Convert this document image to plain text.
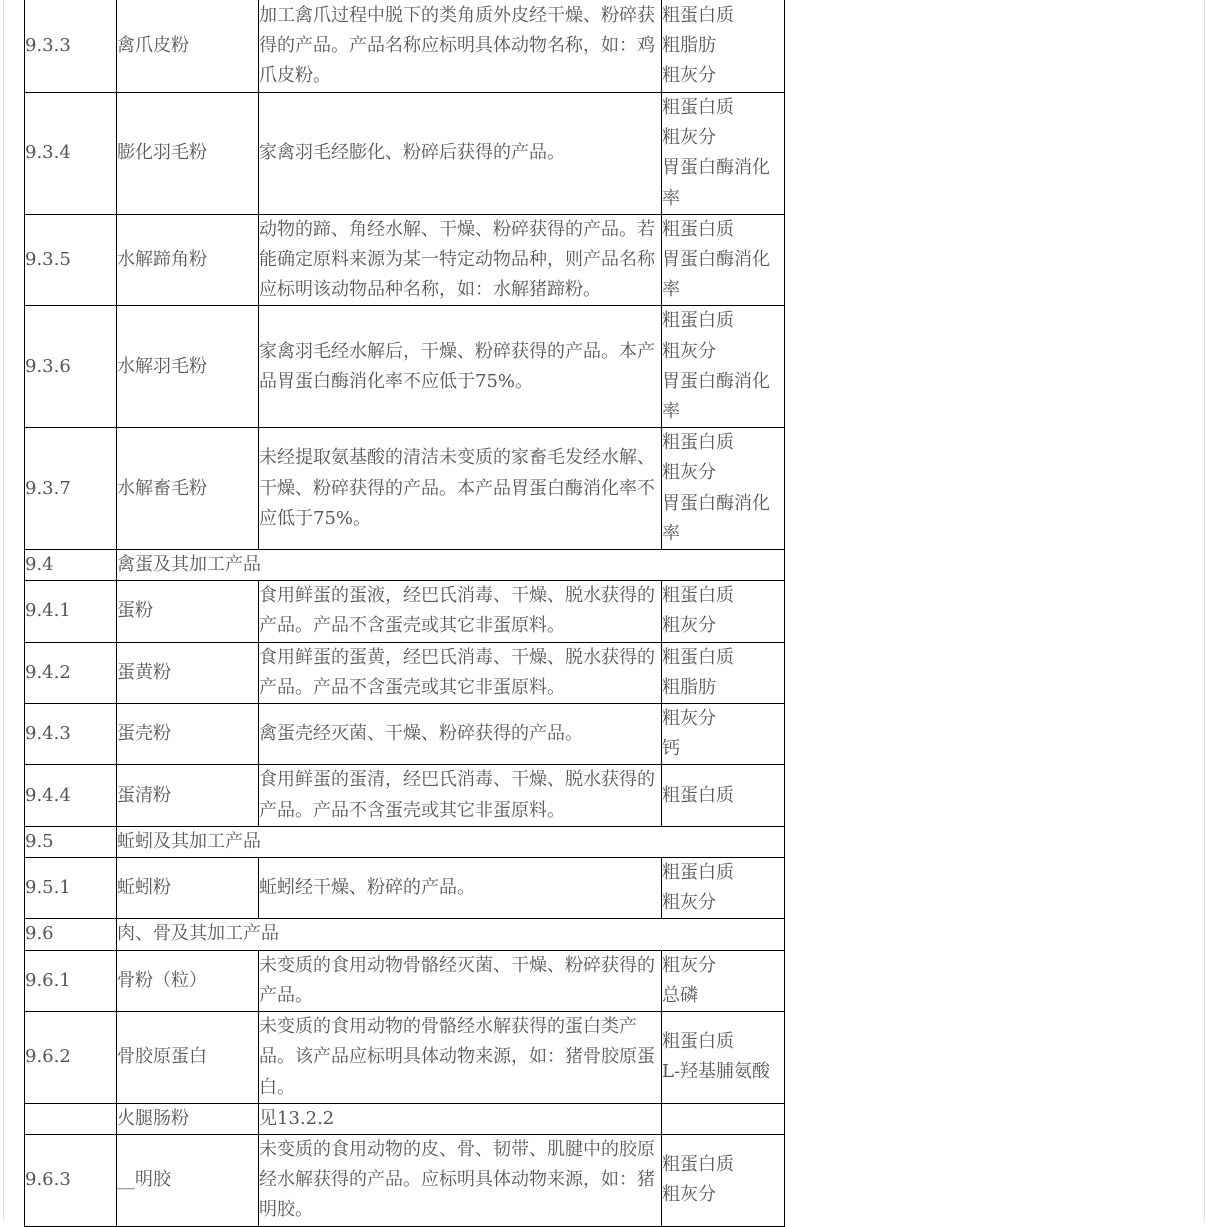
9.3.3	禽爪皮粉	加工禽爪过程中脱下的类角质外皮经干燥、粉碎获得的产品。产品名称应标明具体动物名称，如：鸡爪皮粉。	粗蛋白质
粗脂肪
粗灰分

9.3.4	膨化羽毛粉	家禽羽毛经膨化、粉碎后获得的产品。	粗蛋白质
粗灰分
胃蛋白酶消化率

9.3.5	水解蹄角粉	动物的蹄、角经水解、干燥、粉碎获得的产品。若能确定原料来源为某一特定动物品种，则产品名称应标明该动物品种名称，如：水解猪蹄粉。	粗蛋白质
胃蛋白酶消化率

9.3.6	水解羽毛粉	家禽羽毛经水解后，干燥、粉碎获得的产品。本产品胃蛋白酶消化率不应低于75%。	粗蛋白质
粗灰分
胃蛋白酶消化率

9.3.7	水解畜毛粉	未经提取氨基酸的清洁未变质的家畜毛发经水解、干燥、粉碎获得的产品。本产品胃蛋白酶消化率不应低于75%。	粗蛋白质
粗灰分
胃蛋白酶消化率

9.4	禽蛋及其加工产品		
9.4.1	蛋粉	食用鲜蛋的蛋液，经巴氏消毒、干燥、脱水获得的产品。产品不含蛋壳或其它非蛋原料。	粗蛋白质
粗灰分

9.4.2	蛋黄粉	食用鲜蛋的蛋黄，经巴氏消毒、干燥、脱水获得的产品。产品不含蛋壳或其它非蛋原料。	粗蛋白质
粗脂肪

9.4.3	蛋壳粉	禽蛋壳经灭菌、干燥、粉碎获得的产品。	粗灰分
钙

9.4.4	蛋清粉	食用鲜蛋的蛋清，经巴氏消毒、干燥、脱水获得的产品。产品不含蛋壳或其它非蛋原料。	粗蛋白质

9.5	蚯蚓及其加工产品		
9.5.1	蚯蚓粉	蚯蚓经干燥、粉碎的产品。	粗蛋白质
粗灰分

9.6	肉、骨及其加工产品		
9.6.1	骨粉（粒）	未变质的食用动物骨骼经灭菌、干燥、粉碎获得的产品。	粗灰分
总磷

9.6.2	骨胶原蛋白	未变质的食用动物的骨骼经水解获得的蛋白类产品。该产品应标明具体动物来源，如：猪骨胶原蛋白。	粗蛋白质
L-羟基脯氨酸

	火腿肠粉	见13.2.2	
9.6.3	__明胶	未变质的食用动物的皮、骨、韧带、肌腱中的胶原经水解获得的产品。应标明具体动物来源，如：猪明胶。	粗蛋白质
粗灰分
